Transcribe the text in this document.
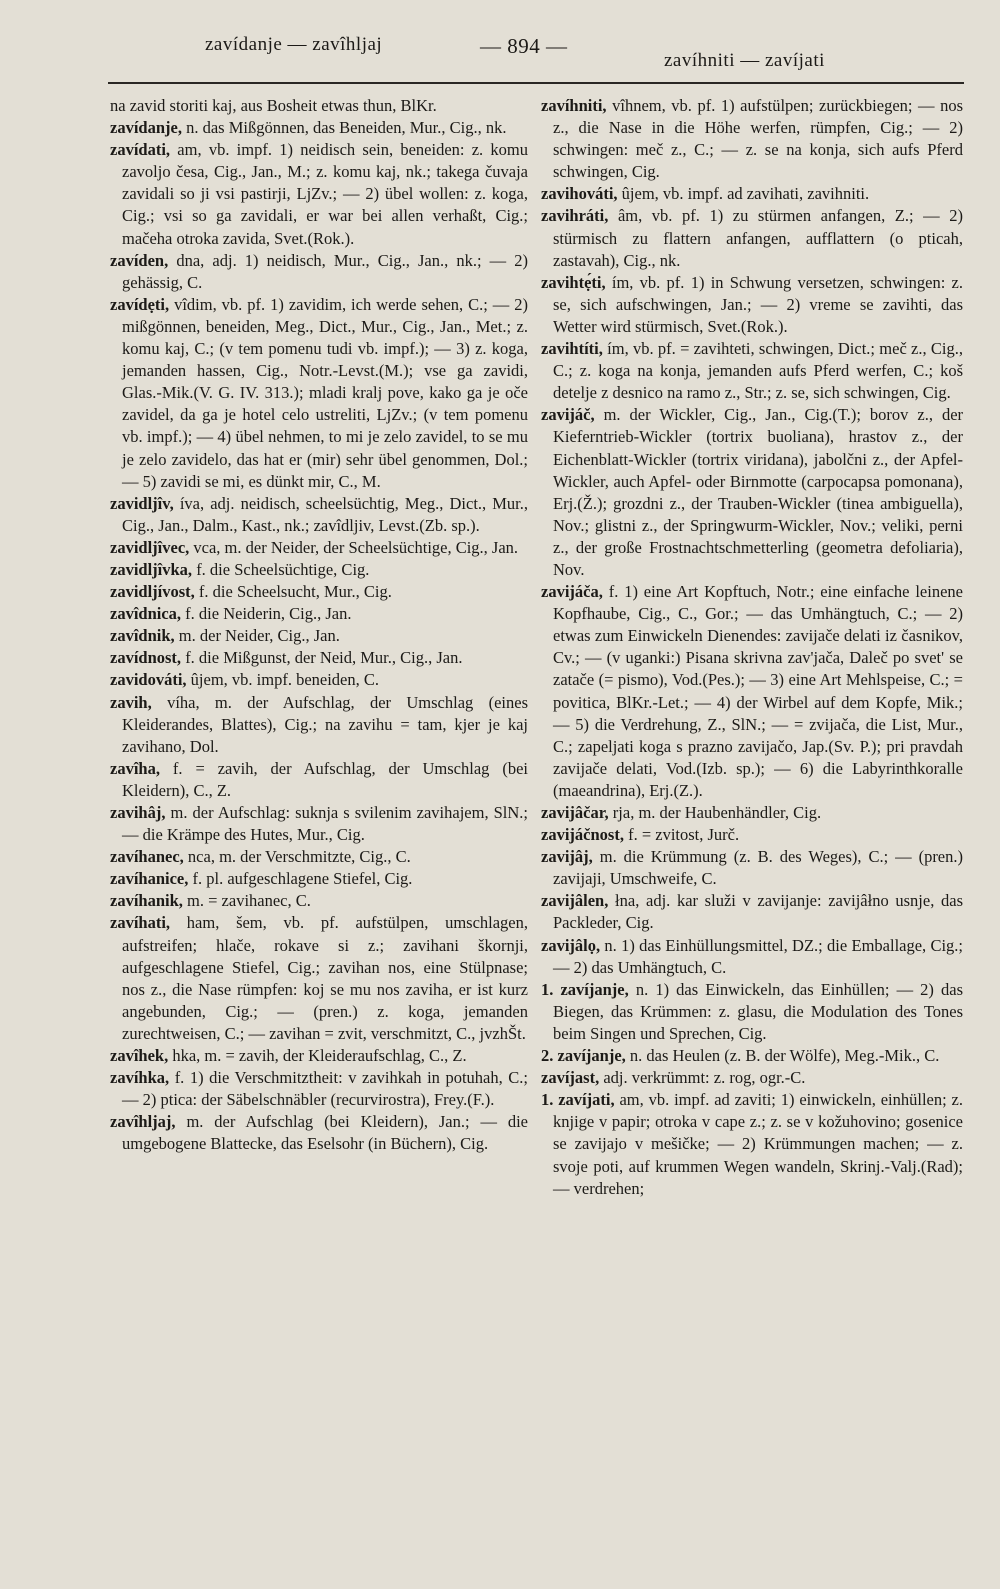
zavídanje — zavîhljaj	— 894 —
zavíhniti — zavíjati

na zavid storiti kaj, aus Bosheit etwas thun, BlKr.

zavídanje, n. das Mißgönnen, das Beneiden, Mur., Cig., nk.

zavídati, am, vb. impf. 1) neidisch sein, beneiden: z. komu zavoljo česa, Cig., Jan., M.; z. komu kaj, nk.; takega čuvaja zavidali so ji vsi pastirji, LjZv.; — 2) übel wollen: z. koga, Cig.; vsi so ga zavidali, er war bei allen verhaßt, Cig.; mačeha otroka zavida, Svet.(Rok.).

zavíden, dna, adj. 1) neidisch, Mur., Cig., Jan., nk.; — 2) gehässig, C.

zavídẹti, vîdim, vb. pf. 1) zavidim, ich werde sehen, C.; — 2) mißgönnen, beneiden, Meg., Dict., Mur., Cig., Jan., Met.; z. komu kaj, C.; (v tem pomenu tudi vb. impf.); — 3) z. koga, jemanden hassen, Cig., Notr.-Levst.(M.); vse ga zavidi, Glas.-Mik.(V. G. IV. 313.); mladi kralj pove, kako ga je oče zavidel, da ga je hotel celo ustreliti, LjZv.; (v tem pomenu vb. impf.); — 4) übel nehmen, to mi je zelo zavidel, to se mu je zelo zavidelo, das hat er (mir) sehr übel genommen, Dol.; — 5) zavidi se mi, es dünkt mir, C., M.

zavidljîv, íva, adj. neidisch, scheelsüchtig, Meg., Dict., Mur., Cig., Jan., Dalm., Kast., nk.; zavîdljiv, Levst.(Zb. sp.).

zavidljîvec, vca, m. der Neider, der Scheelsüchtige, Cig., Jan.

zavidljîvka, f. die Scheelsüchtige, Cig.

zavidljívost, f. die Scheelsucht, Mur., Cig.

zavîdnica, f. die Neiderin, Cig., Jan.

zavîdnik, m. der Neider, Cig., Jan.

zavídnost, f. die Mißgunst, der Neid, Mur., Cig., Jan.

zavidováti, ûjem, vb. impf. beneiden, C.

zavih, víha, m. der Aufschlag, der Umschlag (eines Kleiderandes, Blattes), Cig.; na zavihu = tam, kjer je kaj zavihano, Dol.

zavîha, f. = zavih, der Aufschlag, der Umschlag (bei Kleidern), C., Z.

zavihâj, m. der Aufschlag: suknja s svilenim zavihajem, SlN.; — die Krämpe des Hutes, Mur., Cig.

zavíhanec, nca, m. der Verschmitzte, Cig., C.

zavíhanice, f. pl. aufgeschlagene Stiefel, Cig.

zavíhanik, m. = zavihanec, C.

zavíhati, ham, šem, vb. pf. aufstülpen, umschlagen, aufstreifen; hlače, rokave si z.; zavihani škornji, aufgeschlagene Stiefel, Cig.; zavihan nos, eine Stülpnase; nos z., die Nase rümpfen: koj se mu nos zaviha, er ist kurz angebunden, Cig.; — (pren.) z. koga, jemanden zurechtweisen, C.; — zavihan = zvit, verschmitzt, C., jvzhŠt.

zavîhek, hka, m. = zavih, der Kleideraufschlag, C., Z.

zavíhka, f. 1) die Verschmitztheit: v zavihkah in potuhah, C.; — 2) ptica: der Säbelschnäbler (recurvirostra), Frey.(F.).

zavîhljaj, m. der Aufschlag (bei Kleidern), Jan.; — die umgebogene Blattecke, das Eselsohr (in Büchern), Cig.

zavíhniti, vîhnem, vb. pf. 1) aufstülpen; zurückbiegen; — nos z., die Nase in die Höhe werfen, rümpfen, Cig.; — 2) schwingen: meč z., C.; — z. se na konja, sich aufs Pferd schwingen, Cig.

zavihováti, ûjem, vb. impf. ad zavihati, zavihniti.

zavihráti, âm, vb. pf. 1) zu stürmen anfangen, Z.; — 2) stürmisch zu flattern anfangen, aufflattern (o pticah, zastavah), Cig., nk.

zavihtẹ́ti, ím, vb. pf. 1) in Schwung versetzen, schwingen: z. se, sich aufschwingen, Jan.; — 2) vreme se zavihti, das Wetter wird stürmisch, Svet.(Rok.).

zavihtíti, ím, vb. pf. = zavihteti, schwingen, Dict.; meč z., Cig., C.; z. koga na konja, jemanden aufs Pferd werfen, C.; koš detelje z desnico na ramo z., Str.; z. se, sich schwingen, Cig.

zavijáč, m. der Wickler, Cig., Jan., Cig.(T.); borov z., der Kieferntrieb-Wickler (tortrix buoliana), hrastov z., der Eichenblatt-Wickler (tortrix viridana), jabolčni z., der Apfel-Wickler, auch Apfel- oder Birnmotte (carpocapsa pomonana), Erj.(Ž.); grozdni z., der Trauben-Wickler (tinea ambiguella), Nov.; glistni z., der Springwurm-Wickler, Nov.; veliki, perni z., der große Frostnachtschmetterling (geometra defoliaria), Nov.

zavijáča, f. 1) eine Art Kopftuch, Notr.; eine einfache leinene Kopfhaube, Cig., C., Gor.; — das Umhängtuch, C.; — 2) etwas zum Einwickeln Dienendes: zavijače delati iz časnikov, Cv.; — (v uganki:) Pisana skrivna zav'jača, Daleč po svet' se zatače (= pismo), Vod.(Pes.); — 3) eine Art Mehlspeise, C.; = povitica, BlKr.-Let.; — 4) der Wirbel auf dem Kopfe, Mik.; — 5) die Verdrehung, Z., SlN.; — = zvijača, die List, Mur., C.; zapeljati koga s prazno zavijačo, Jap.(Sv. P.); pri pravdah zavijače delati, Vod.(Izb. sp.); — 6) die Labyrinthkoralle (maeandrina), Erj.(Z.).

zavijâčar, rja, m. der Haubenhändler, Cig.

zavijáčnost, f. = zvitost, Jurč.

zavijâj, m. die Krümmung (z. B. des Weges), C.; — (pren.) zavijaji, Umschweife, C.

zavijâlen, łna, adj. kar služi v zavijanje: zavijâłno usnje, das Packleder, Cig.

zavijâlọ, n. 1) das Einhüllungsmittel, DZ.; die Emballage, Cig.; — 2) das Umhängtuch, C.

1. zavíjanje, n. 1) das Einwickeln, das Einhüllen; — 2) das Biegen, das Krümmen: z. glasu, die Modulation des Tones beim Singen und Sprechen, Cig.

2. zavíjanje, n. das Heulen (z. B. der Wölfe), Meg.-Mik., C.

zavíjast, adj. verkrümmt: z. rog, ogr.-C.

1. zavíjati, am, vb. impf. ad zaviti; 1) einwickeln, einhüllen; z. knjige v papir; otroka v cape z.; z. se v kožuhovino; gosenice se zavijajo v mešičke; — 2) Krümmungen machen; — z. svoje poti, auf krummen Wegen wandeln, Skrinj.-Valj.(Rad); — verdrehen;
